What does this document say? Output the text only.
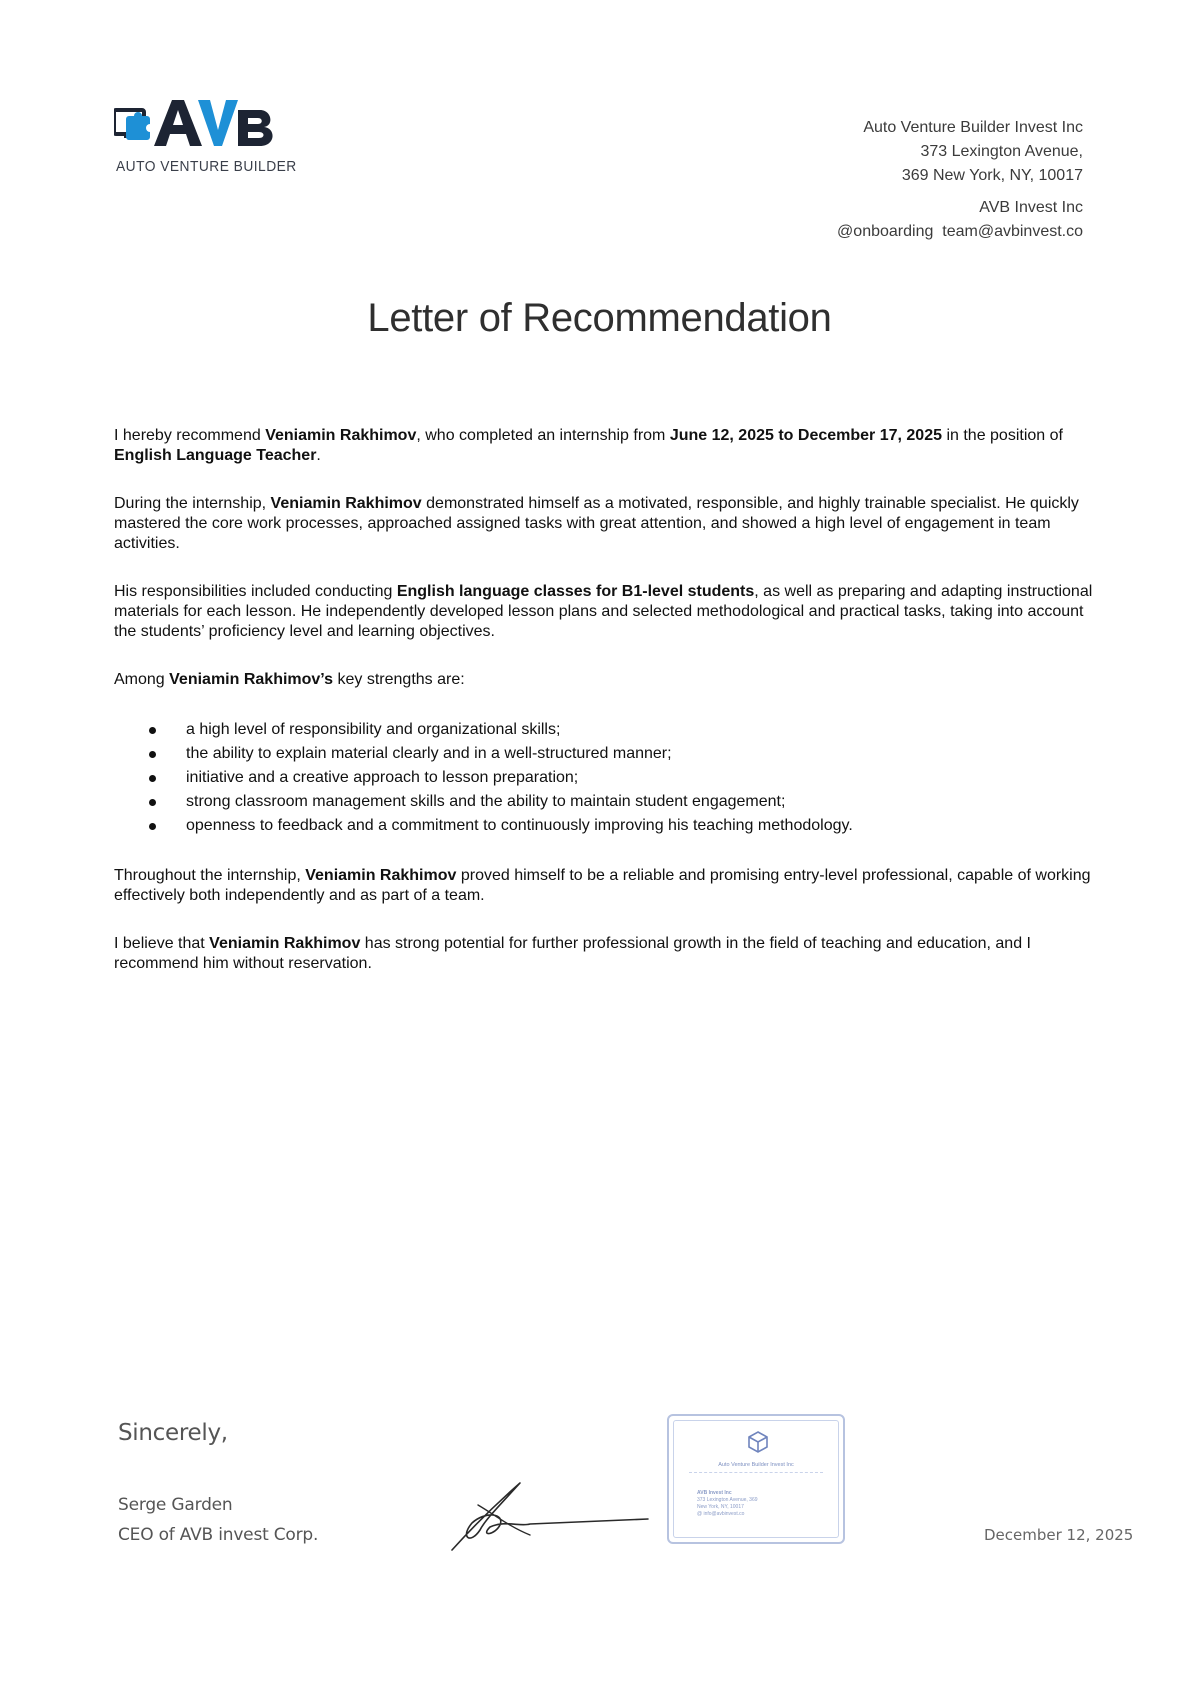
AUTO VENTURE BUILDER
Auto Venture Builder Invest Inc
373 Lexington Avenue,
369 New York, NY, 10017
AVB Invest Inc
@onboarding  team@avbinvest.co
Letter of Recommendation

I hereby recommend Veniamin Rakhimov, who completed an internship from June 12, 2025 to December 17, 2025 in the position of English Language Teacher.

During the internship, Veniamin Rakhimov demonstrated himself as a motivated, responsible, and highly trainable specialist. He quickly mastered the core work processes, approached assigned tasks with great attention, and showed a high level of engagement in team activities.

His responsibilities included conducting English language classes for B1-level students, as well as preparing and adapting instructional materials for each lesson. He independently developed lesson plans and selected methodological and practical tasks, taking into account the students’ proficiency level and learning objectives.

Among Veniamin Rakhimov’s key strengths are:

a high level of responsibility and organizational skills;
the ability to explain material clearly and in a well-structured manner;
initiative and a creative approach to lesson preparation;
strong classroom management skills and the ability to maintain student engagement;
openness to feedback and a commitment to continuously improving his teaching methodology.

Throughout the internship, Veniamin Rakhimov proved himself to be a reliable and promising entry-level professional, capable of working effectively both independently and as part of a team.

I believe that Veniamin Rakhimov has strong potential for further professional growth in the field of teaching and education, and I recommend him without reservation.

Sincerely,
Serge Garden
CEO of AVB invest Corp.
Auto Venture Builder Invest Inc
AVB Invest Inc
373 Lexington Avenue, 369
New York, NY, 10017
@ info@avbinvest.co
December 12, 2025
